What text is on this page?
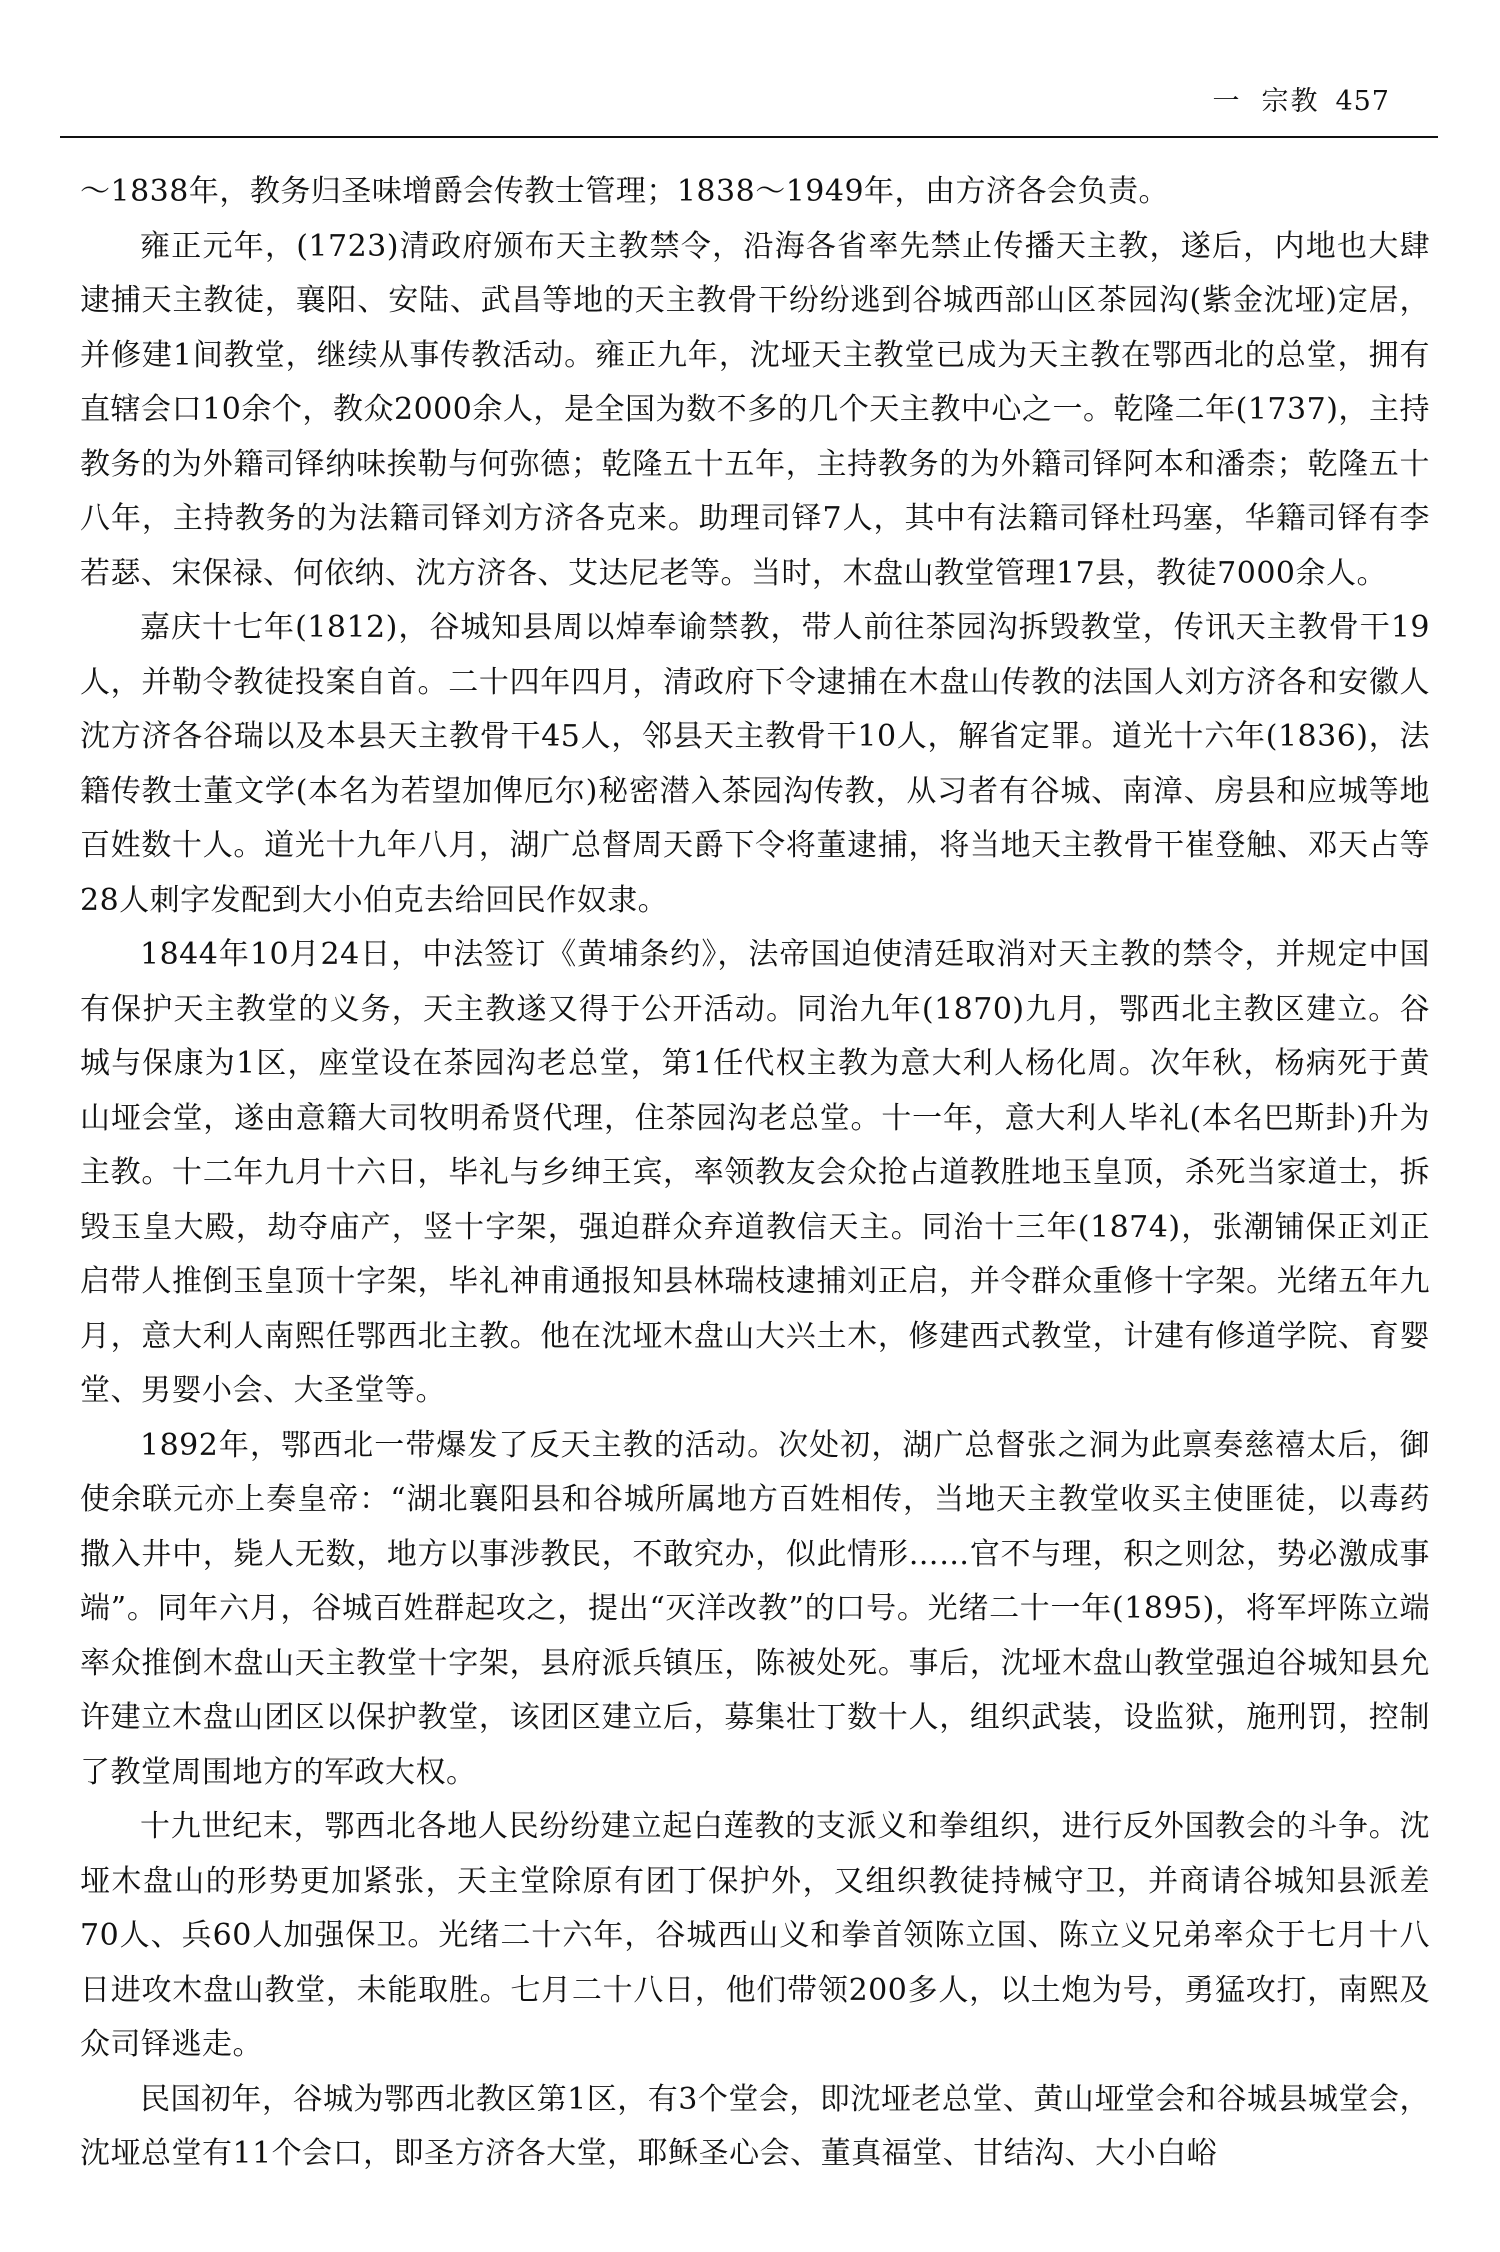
一 宗教 457

～1838年，教务归圣味增爵会传教士管理；1838～1949年，由方济各会负责。

雍正元年，(1723)清政府颁布天主教禁令，沿海各省率先禁止传播天主教，遂后，内地也大肆逮捕天主教徒，襄阳、安陆、武昌等地的天主教骨干纷纷逃到谷城西部山区茶园沟(紫金沈垭)定居，并修建1间教堂，继续从事传教活动。雍正九年，沈垭天主教堂已成为天主教在鄂西北的总堂，拥有直辖会口10余个，教众2000余人，是全国为数不多的几个天主教中心之一。乾隆二年(1737)，主持教务的为外籍司铎纳味挨勒与何弥德；乾隆五十五年，主持教务的为外籍司铎阿本和潘柰；乾隆五十八年，主持教务的为法籍司铎刘方济各克来。助理司铎7人，其中有法籍司铎杜玛塞，华籍司铎有李若瑟、宋保禄、何依纳、沈方济各、艾达尼老等。当时，木盘山教堂管理17县，教徒7000余人。

嘉庆十七年(1812)，谷城知县周以焯奉谕禁教，带人前往茶园沟拆毁教堂，传讯天主教骨干19人，并勒令教徒投案自首。二十四年四月，清政府下令逮捕在木盘山传教的法国人刘方济各和安徽人沈方济各谷瑞以及本县天主教骨干45人，邻县天主教骨干10人，解省定罪。道光十六年(1836)，法籍传教士董文学(本名为若望加俾厄尔)秘密潜入茶园沟传教，从习者有谷城、南漳、房县和应城等地百姓数十人。道光十九年八月，湖广总督周天爵下令将董逮捕，将当地天主教骨干崔登触、邓天占等28人刺字发配到大小伯克去给回民作奴隶。

1844年10月24日，中法签订《黄埔条约》，法帝国迫使清廷取消对天主教的禁令，并规定中国有保护天主教堂的义务，天主教遂又得于公开活动。同治九年(1870)九月，鄂西北主教区建立。谷城与保康为1区，座堂设在茶园沟老总堂，第1任代权主教为意大利人杨化周。次年秋，杨病死于黄山垭会堂，遂由意籍大司牧明希贤代理，住茶园沟老总堂。十一年，意大利人毕礼(本名巴斯卦)升为主教。十二年九月十六日，毕礼与乡绅王宾，率领教友会众抢占道教胜地玉皇顶，杀死当家道士，拆毁玉皇大殿，劫夺庙产，竖十字架，强迫群众弃道教信天主。同治十三年(1874)，张潮铺保正刘正启带人推倒玉皇顶十字架，毕礼神甫通报知县林瑞枝逮捕刘正启，并令群众重修十字架。光绪五年九月，意大利人南熙任鄂西北主教。他在沈垭木盘山大兴土木，修建西式教堂，计建有修道学院、育婴堂、男婴小会、大圣堂等。

1892年，鄂西北一带爆发了反天主教的活动。次处初，湖广总督张之洞为此禀奏慈禧太后，御使余联元亦上奏皇帝：“湖北襄阳县和谷城所属地方百姓相传，当地天主教堂收买主使匪徒，以毒药撒入井中，毙人无数，地方以事涉教民，不敢究办，似此情形……官不与理，积之则忿，势必激成事端”。同年六月，谷城百姓群起攻之，提出“灭洋改教”的口号。光绪二十一年(1895)，将军坪陈立端率众推倒木盘山天主教堂十字架，县府派兵镇压，陈被处死。事后，沈垭木盘山教堂强迫谷城知县允许建立木盘山团区以保护教堂，该团区建立后，募集壮丁数十人，组织武装，设监狱，施刑罚，控制了教堂周围地方的军政大权。

十九世纪末，鄂西北各地人民纷纷建立起白莲教的支派义和拳组织，进行反外国教会的斗争。沈垭木盘山的形势更加紧张，天主堂除原有团丁保护外，又组织教徒持械守卫，并商请谷城知县派差70人、兵60人加强保卫。光绪二十六年，谷城西山义和拳首领陈立国、陈立义兄弟率众于七月十八日进攻木盘山教堂，未能取胜。七月二十八日，他们带领200多人，以土炮为号，勇猛攻打，南熙及众司铎逃走。

民国初年，谷城为鄂西北教区第1区，有3个堂会，即沈垭老总堂、黄山垭堂会和谷城县城堂会，沈垭总堂有11个会口，即圣方济各大堂，耶稣圣心会、董真福堂、甘结沟、大小白峪
